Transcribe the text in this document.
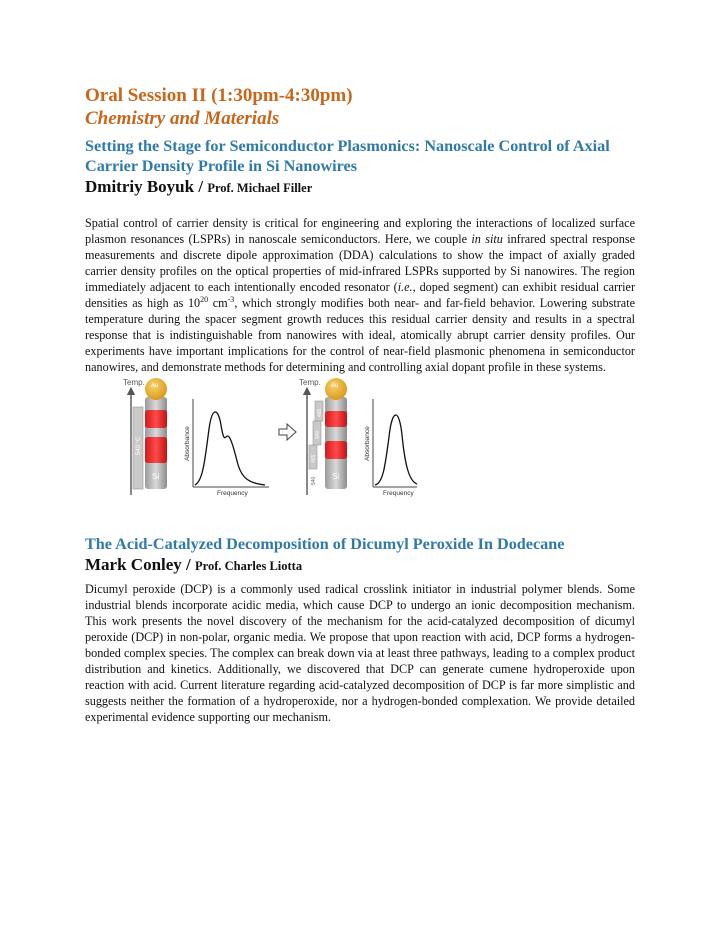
Oral Session II (1:30pm-4:30pm)
Chemistry and Materials
Setting the Stage for Semiconductor Plasmonics: Nanoscale Control of Axial Carrier Density Profile in Si Nanowires
Dmitriy Boyuk / Prof. Michael Filler
Spatial control of carrier density is critical for engineering and exploring the interactions of localized surface plasmon resonances (LSPRs) in nanoscale semiconductors. Here, we couple in situ infrared spectral response measurements and discrete dipole approximation (DDA) calculations to show the impact of axially graded carrier density profiles on the optical properties of mid-infrared LSPRs supported by Si nanowires. The region immediately adjacent to each intentionally encoded resonator (i.e., doped segment) can exhibit residual carrier densities as high as $10^{20}$ $cm^{-3}$, which strongly modifies both near- and far-field behavior. Lowering substrate temperature during the spacer segment growth reduces this residual carrier density and results in a spectral response that is indistinguishable from nanowires with ideal, atomically abrupt carrier density profiles. Our experiments have important implications for the control of near-field plasmonic phenomena in semiconductor nanowires, and demonstrate methods for determining and controlling axial dopant profile in these systems.
Temp.
540 °C
Au
Si
Absorbance
Frequency
Temp.
465
540
465
540
Au
Si
Absorbance
Frequency
The Acid-Catalyzed Decomposition of Dicumyl Peroxide In Dodecane
Mark Conley / Prof. Charles Liotta
Dicumyl peroxide (DCP) is a commonly used radical crosslink initiator in industrial polymer blends. Some industrial blends incorporate acidic media, which cause DCP to undergo an ionic decomposition mechanism. This work presents the novel discovery of the mechanism for the acid-catalyzed decomposition of dicumyl peroxide (DCP) in non-polar, organic media. We propose that upon reaction with acid, DCP forms a hydrogen-bonded complex species. The complex can break down via at least three pathways, leading to a complex product distribution and kinetics. Additionally, we discovered that DCP can generate cumene hydroperoxide upon reaction with acid. Current literature regarding acid-catalyzed decomposition of DCP is far more simplistic and suggests neither the formation of a hydroperoxide, nor a hydrogen-bonded complexation. We provide detailed experimental evidence supporting our mechanism.
